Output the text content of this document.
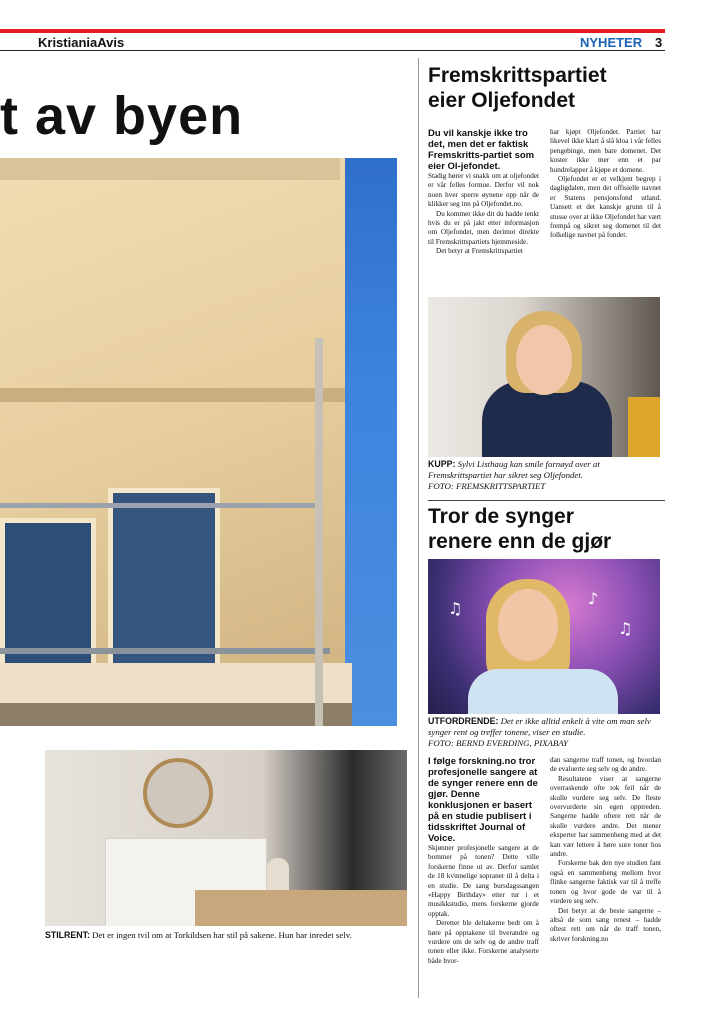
KristianiaAvis	NYHETER 3
t av byen
STILRENT: Det er ingen tvil om at Torkildsen har stil på sakene. Hun har inredet selv.
Fremskrittspartiet
eier Oljefondet
Du vil kanskje ikke tro det, men det er faktisk Fremskritts-partiet som eier Ol-jefondet.

Stadig hører vi snakk om at oljefondet er vår felles formue. Derfor vil nok noen hver sperre øynene opp når de klikker seg inn på Oljefondet.no.

Du kommer ikke dit du hadde tenkt hvis du er på jakt etter informasjon om Oljefondet, men derimot direkte til Fremskrittspartiets hjemmeside.

Det betyr at Fremskrittspartiet

har kjøpt Oljefondet. Partiet har likevel ikke klart å slå kloa i vår felles pengebinge, men bare domenet. Det koster ikke mer enn et par hundrelapper å kjøpe et domene.

Oljefondet er et velkjent begrep i dagligdalen, men det offisielle navnet er Statens pensjonsfond utland. Uansett et det kanskje grunn til å stusse over at ikke Oljefondet har vært frempå og sikret seg domenet til det folkelige navnet på fondet.

KUPP: Sylvi Listhaug kan smile fornøyd over at Fremskrittspartiet har sikret seg Oljefondet.
FOTO: FREMSKRITTSPARTIET
Tror de synger
renere enn de gjør
♫
♪
♫
UTFORDRENDE: Det er ikke alltid enkelt å vite om man selv synger rent og treffer tonene, viser en studie.
FOTO: BERND EVERDING, PIXABAY
I følge forskning.no tror profesjonelle sangere at de synger renere enn de gjør. Denne konklusjonen er basert på en studie publisert i tidsskriftet Journal of Voice.

Skjønner profesjonelle sangere at de bommer på tonen? Dette ville forskerne finne ut av. Derfor samlet de 18 kvinnelige sopraner til å delta i en studie. De sang bursdagssangen «Happy Birthday» etter tur i et musikkstudio, mens forskerne gjorde opptak.

Deretter ble deltakerne bedt om å høre på opptakene til hverandre og vurdere om de selv og de andre traff tonen eller ikke. Forskerne analyserte både hvor-

dan sangerne traff tonen, og hvordan de evaluerte seg selv og de andre.

Resultatene viser at sangerne overraskende ofte tok feil når de skulle vurdere seg selv. De fleste overvurderte sin egen opptreden. Sangerne hadde oftere rett når de skulle vurdere andre. Det mener eksperter har sammenheng med at det kan vær lettere å høre sure toner hos andre.

Forskerne bak den nye studien fant også en sammenheng mellom hvor flinke sangerne faktisk var til å treffe tonen og hvor gode de var til å vurdere seg selv.

Det betyr at de beste sangerne – altså de som sang renest – hadde oftest rett om når de traff tonen, skriver forskning.no
